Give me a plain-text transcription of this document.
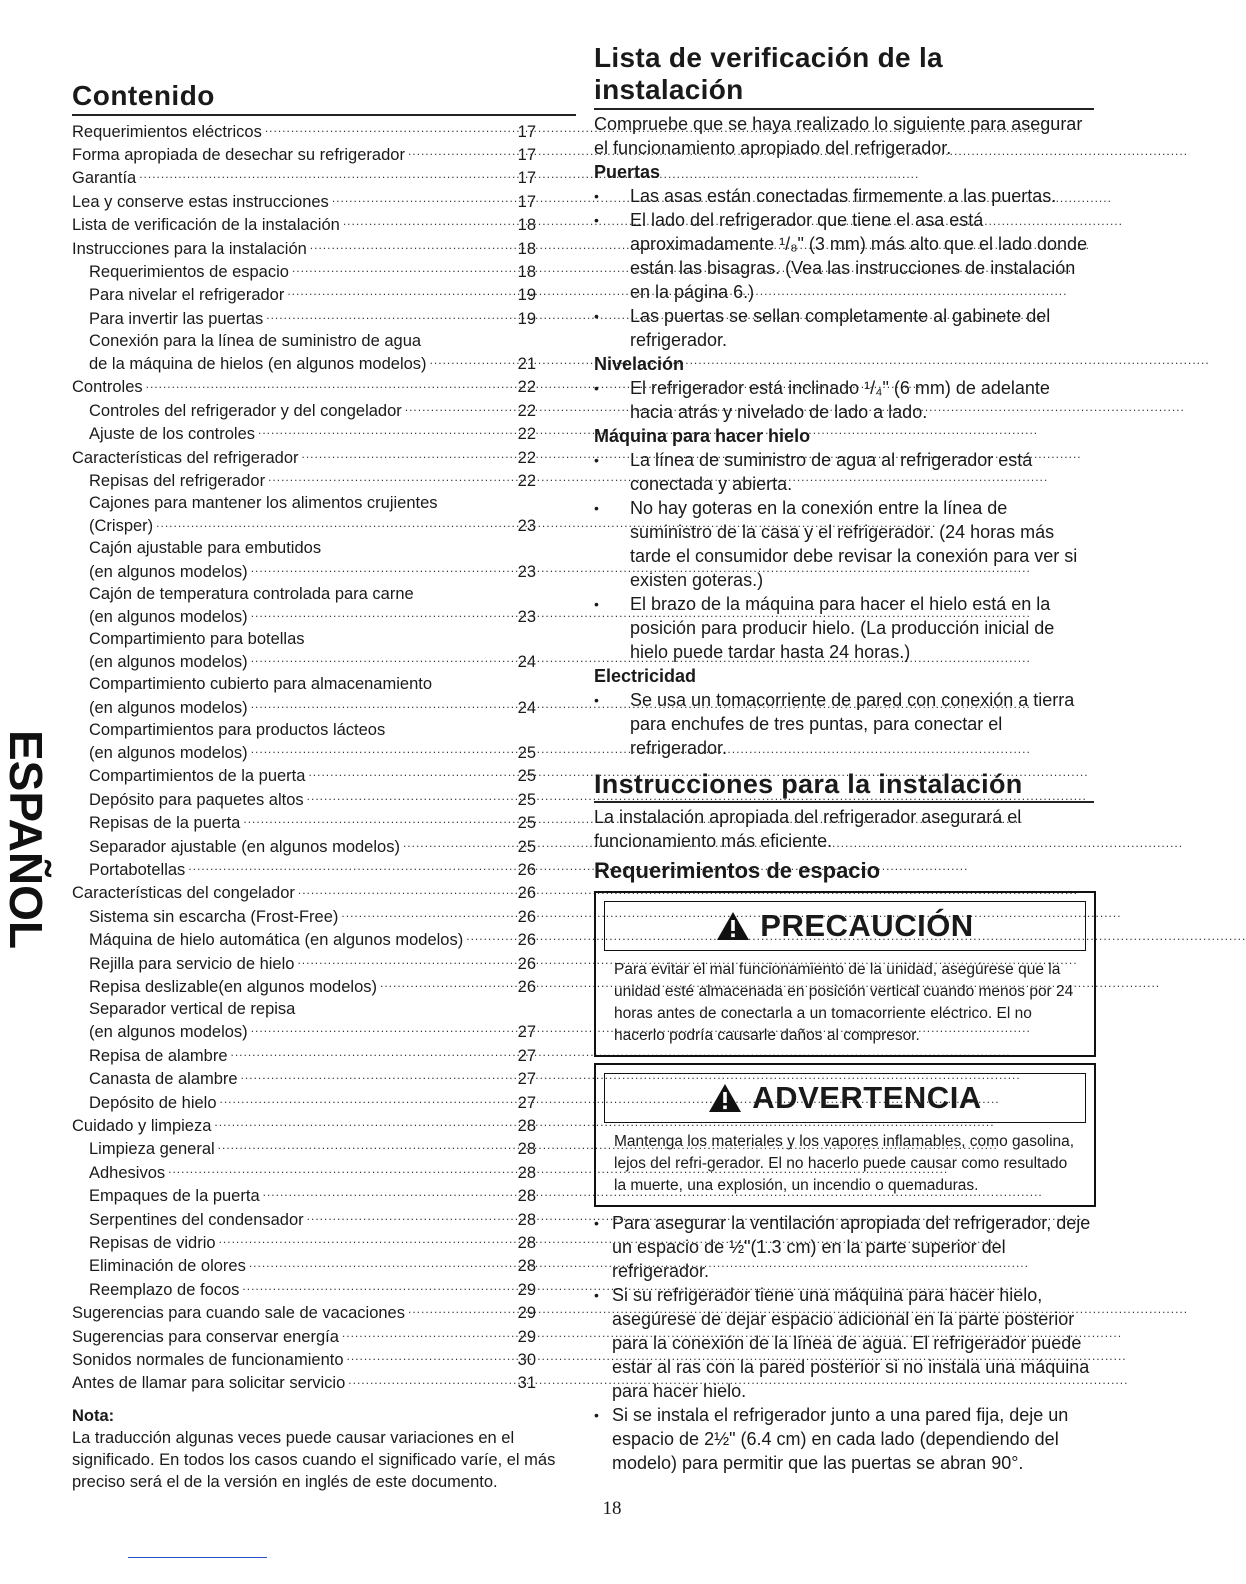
ESPAÑOL
Contenido
Requerimientos eléctricos .....	17
Forma apropiada de desechar su refrigerador .....	17
Garantía .....	17
Lea y conserve estas instrucciones .....	17
Lista de verificación de la instalación .....	18
Instrucciones para la instalación .....	18
Requerimientos de espacio .....	18
Para nivelar el refrigerador .....	19
Para invertir las puertas .....	19
Conexión para la línea de suministro de agua
de la máquina de hielos (en algunos modelos) .....	21
Controles .....	22
Controles del refrigerador y del congelador .....	22
Ajuste de los controles .....	22
Características del refrigerador .....	22
Repisas del refrigerador .....	22
Cajones para mantener los alimentos crujientes
(Crisper) .....	23
Cajón ajustable para embutidos
(en algunos modelos) .....	23
Cajón de temperatura controlada para carne
(en algunos modelos) .....	23
Compartimiento para botellas
(en algunos modelos) .....	24
Compartimiento cubierto para almacenamiento
(en algunos modelos) .....	24
Compartimientos para productos lácteos
(en algunos modelos) .....	25
Compartimientos de la puerta .....	25
Depósito para paquetes altos .....	25
Repisas de la puerta .....	25
Separador ajustable (en algunos modelos) .....	25
Portabotellas .....	26
Características del congelador .....	26
Sistema sin escarcha (Frost-Free) .....	26
Máquina de hielo automática (en algunos modelos) .....	26
Rejilla para servicio de hielo .....	26
Repisa deslizable(en algunos modelos) .....	26
Separador vertical de repisa
(en algunos modelos) .....	27
Repisa de alambre .....	27
Canasta de alambre .....	27
Depósito de hielo .....	27
Cuidado y limpieza .....	28
Limpieza general .....	28
Adhesivos .....	28
Empaques de la puerta .....	28
Serpentines del condensador .....	28
Repisas de vidrio .....	28
Eliminación de olores .....	28
Reemplazo de focos .....	29
Sugerencias para cuando sale de vacaciones .....	29
Sugerencias para conservar energía .....	29
Sonidos normales de funcionamiento .....	30
Antes de llamar para solicitar servicio .....	31
Nota:
La traducción algunas veces puede causar variaciones en el significado. En todos los casos cuando el significado varíe, el más preciso será el de la versión en inglés de este documento.
Lista de verificación de la instalación

Compruebe que se haya realizado lo siguiente para asegurar el funcionamiento apropiado del refrigerador.

Puertas
• Las asas están conectadas firmemente a las puertas.
• El lado del refrigerador que tiene el asa está aproximadamente ¹/₈" (3 mm) más alto que el lado donde están las bisagras. (Vea las instrucciones de instalación en la página 6.)
• Las puertas se sellan completamente al gabinete del refrigerador.
Nivelación
• El refrigerador está inclinado ¹/₄" (6 mm) de adelante hacia atrás y nivelado de lado a lado.
Máquina para hacer hielo
• La línea de suministro de agua al refrigerador está conectada y abierta.
• No hay goteras en la conexión entre la línea de suministro de la casa y el refrigerador. (24 horas más tarde el consumidor debe revisar la conexión para ver si existen goteras.)
• El brazo de la máquina para hacer el hielo está en la posición para producir hielo. (La producción inicial de hielo puede tardar hasta 24 horas.)
Electricidad
• Se usa un tomacorriente de pared con conexión a tierra para enchufes de tres puntas, para conectar el refrigerador.
Instrucciones para la instalación

La instalación apropiada del refrigerador asegurará el funcionamiento más eficiente.

Requerimientos de espacio
PRECAUCIÓN
Para evitar el mal funcionamiento de la unidad, asegúrese que la unidad esté almacenada en posición vertical cuando menos por 24 horas antes de conectarla a un tomacorriente eléctrico. El no hacerlo podría causarle daños al compresor.
ADVERTENCIA
Mantenga los materiales y los vapores inflamables, como gasolina, lejos del refri-gerador. El no hacerlo puede causar como resultado la muerte, una explosión, un incendio o quemaduras.
• Para asegurar la ventilación apropiada del refrigerador, deje un espacio de ½"(1.3 cm) en la parte superior del refrigerador.
• Si su refrigerador tiene una máquina para hacer hielo, asegúrese de dejar espacio adicional en la parte posterior para la conexión de la línea de agua. El refrigerador puede estar al ras con la pared posterior si no instala una máquina para hacer hielo.
• Si se instala el refrigerador junto a una pared fija, deje un espacio de 2½" (6.4 cm) en cada lado (dependiendo del modelo) para permitir que las puertas se abran 90°.
18
